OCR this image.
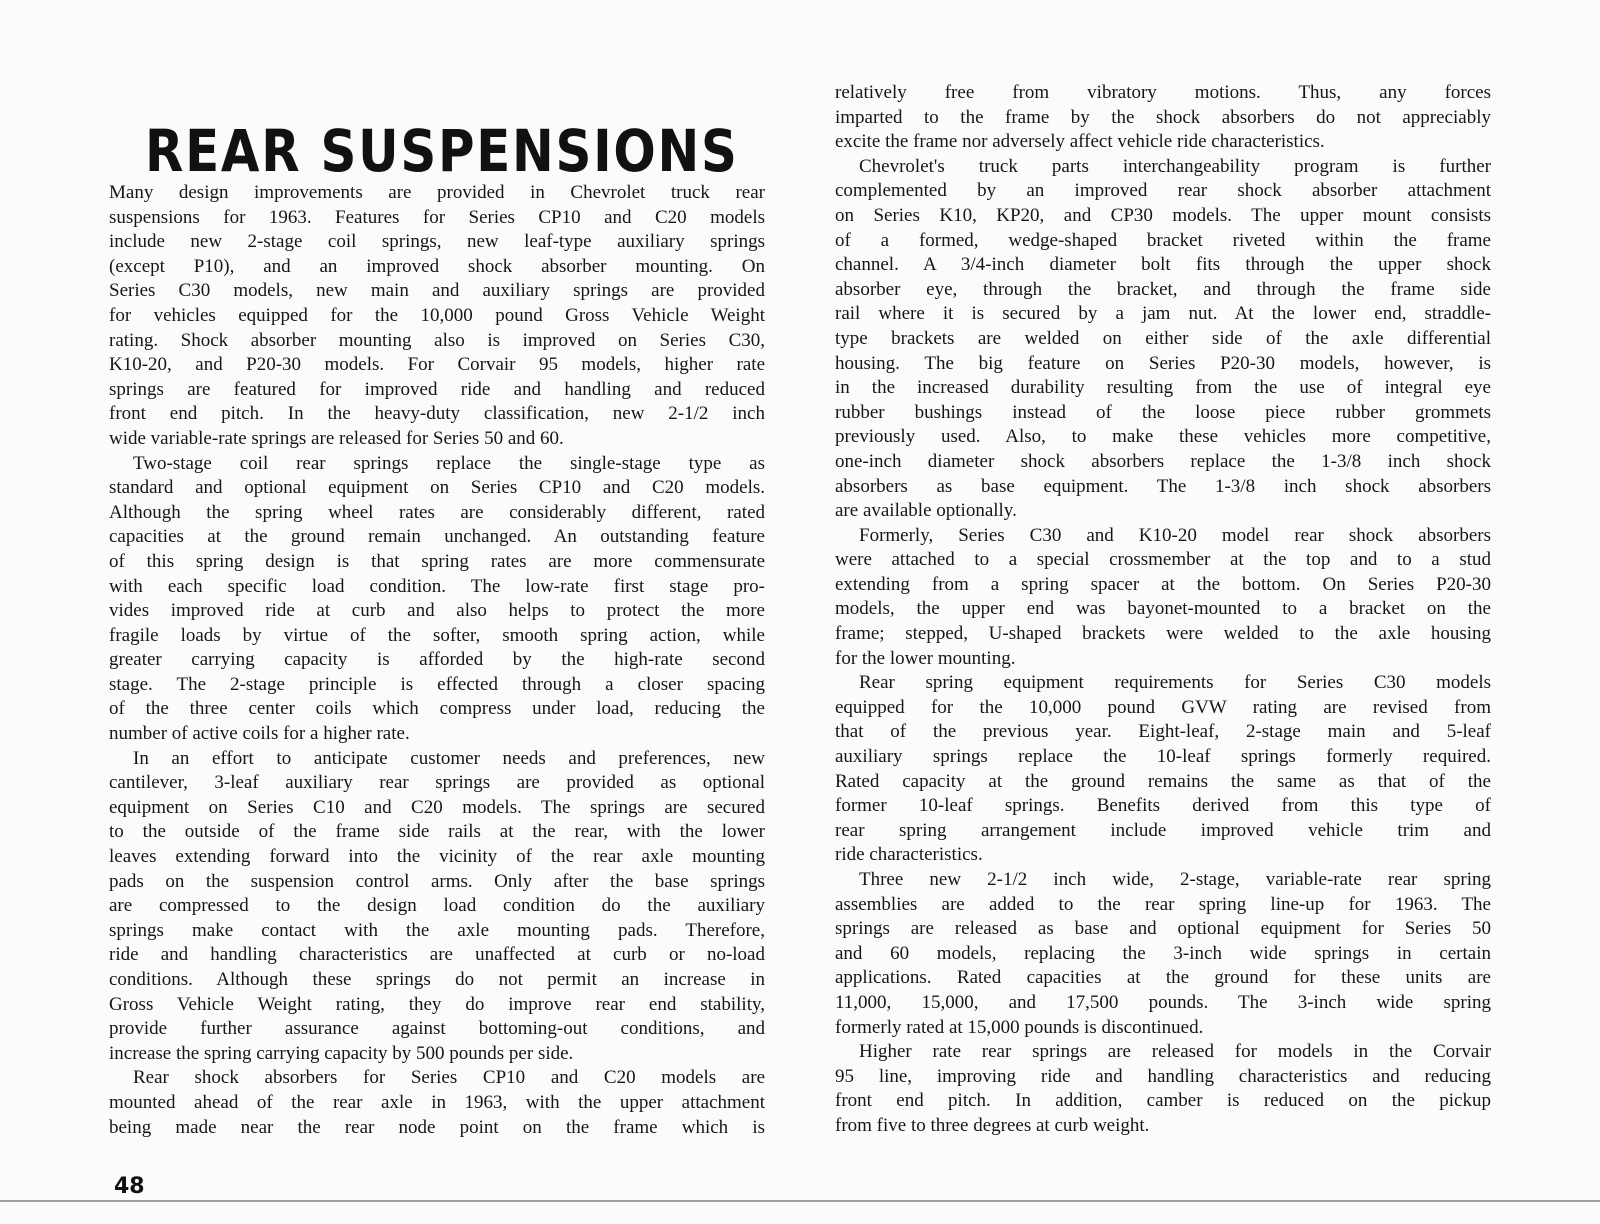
REAR SUSPENSIONS
Many design improvements are provided in Chevrolet truck rear
suspensions for 1963. Features for Series CP10 and C20 models
include new 2-stage coil springs, new leaf-type auxiliary springs
(except P10), and an improved shock absorber mounting. On
Series C30 models, new main and auxiliary springs are provided
for vehicles equipped for the 10,000 pound Gross Vehicle Weight
rating. Shock absorber mounting also is improved on Series C30,
K10-20, and P20-30 models. For Corvair 95 models, higher rate
springs are featured for improved ride and handling and reduced
front end pitch. In the heavy-duty classification, new 2-1/2 inch
wide variable-rate springs are released for Series 50 and 60.
Two-stage coil rear springs replace the single-stage type as
standard and optional equipment on Series CP10 and C20 models.
Although the spring wheel rates are considerably different, rated
capacities at the ground remain unchanged. An outstanding feature
of this spring design is that spring rates are more commensurate
with each specific load condition. The low-rate first stage pro-
vides improved ride at curb and also helps to protect the more
fragile loads by virtue of the softer, smooth spring action, while
greater carrying capacity is afforded by the high-rate second
stage. The 2-stage principle is effected through a closer spacing
of the three center coils which compress under load, reducing the
number of active coils for a higher rate.
In an effort to anticipate customer needs and preferences, new
cantilever, 3-leaf auxiliary rear springs are provided as optional
equipment on Series C10 and C20 models. The springs are secured
to the outside of the frame side rails at the rear, with the lower
leaves extending forward into the vicinity of the rear axle mounting
pads on the suspension control arms. Only after the base springs
are compressed to the design load condition do the auxiliary
springs make contact with the axle mounting pads. Therefore,
ride and handling characteristics are unaffected at curb or no-load
conditions. Although these springs do not permit an increase in
Gross Vehicle Weight rating, they do improve rear end stability,
provide further assurance against bottoming-out conditions, and
increase the spring carrying capacity by 500 pounds per side.
Rear shock absorbers for Series CP10 and C20 models are
mounted ahead of the rear axle in 1963, with the upper attachment
being made near the rear node point on the frame which is
relatively free from vibratory motions. Thus, any forces
imparted to the frame by the shock absorbers do not appreciably
excite the frame nor adversely affect vehicle ride characteristics.
Chevrolet's truck parts interchangeability program is further
complemented by an improved rear shock absorber attachment
on Series K10, KP20, and CP30 models. The upper mount consists
of a formed, wedge-shaped bracket riveted within the frame
channel. A 3/4-inch diameter bolt fits through the upper shock
absorber eye, through the bracket, and through the frame side
rail where it is secured by a jam nut. At the lower end, straddle-
type brackets are welded on either side of the axle differential
housing. The big feature on Series P20-30 models, however, is
in the increased durability resulting from the use of integral eye
rubber bushings instead of the loose piece rubber grommets
previously used. Also, to make these vehicles more competitive,
one-inch diameter shock absorbers replace the 1-3/8 inch shock
absorbers as base equipment. The 1-3/8 inch shock absorbers
are available optionally.
Formerly, Series C30 and K10-20 model rear shock absorbers
were attached to a special crossmember at the top and to a stud
extending from a spring spacer at the bottom. On Series P20-30
models, the upper end was bayonet-mounted to a bracket on the
frame; stepped, U-shaped brackets were welded to the axle housing
for the lower mounting.
Rear spring equipment requirements for Series C30 models
equipped for the 10,000 pound GVW rating are revised from
that of the previous year. Eight-leaf, 2-stage main and 5-leaf
auxiliary springs replace the 10-leaf springs formerly required.
Rated capacity at the ground remains the same as that of the
former 10-leaf springs. Benefits derived from this type of
rear spring arrangement include improved vehicle trim and
ride characteristics.
Three new 2-1/2 inch wide, 2-stage, variable-rate rear spring
assemblies are added to the rear spring line-up for 1963. The
springs are released as base and optional equipment for Series 50
and 60 models, replacing the 3-inch wide springs in certain
applications. Rated capacities at the ground for these units are
11,000, 15,000, and 17,500 pounds. The 3-inch wide spring
formerly rated at 15,000 pounds is discontinued.
Higher rate rear springs are released for models in the Corvair
95 line, improving ride and handling characteristics and reducing
front end pitch. In addition, camber is reduced on the pickup
from five to three degrees at curb weight.
48
